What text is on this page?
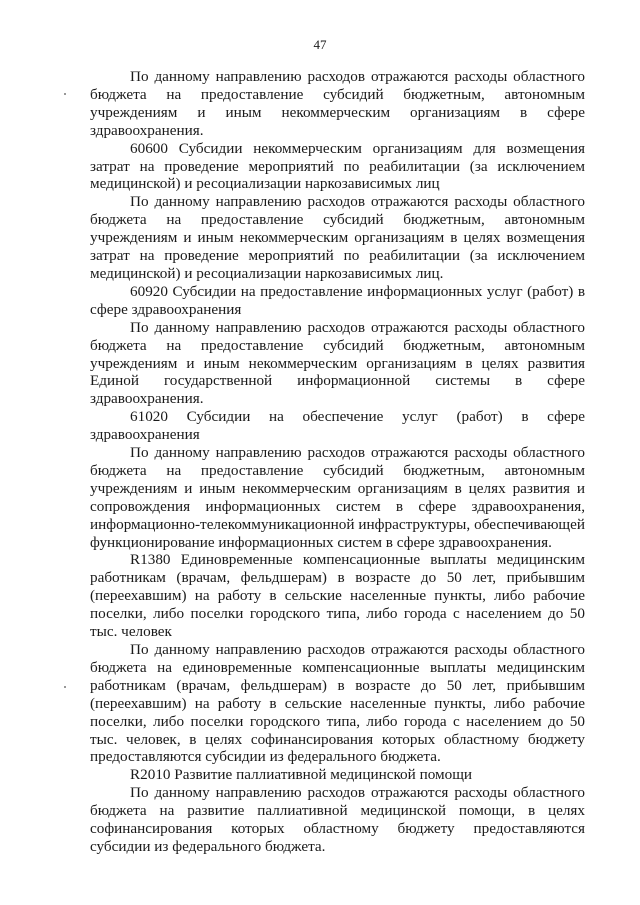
47

По данному направлению расходов отражаются расходы областного бюджета на предоставление субсидий бюджетным, автономным учреждениям и иным некоммерческим организациям в сфере здравоохранения.

60600 Субсидии некоммерческим организациям для возмещения затрат на проведение мероприятий по реабилитации (за исключением медицинской) и ресоциализации наркозависимых лиц

По данному направлению расходов отражаются расходы областного бюджета на предоставление субсидий бюджетным, автономным учреждениям и иным некоммерческим организациям в целях возмещения затрат на проведение мероприятий по реабилитации (за исключением медицинской) и ресоциализации наркозависимых лиц.

60920 Субсидии на предоставление информационных услуг (работ) в сфере здравоохранения

По данному направлению расходов отражаются расходы областного бюджета на предоставление субсидий бюджетным, автономным учреждениям и иным некоммерческим организациям в целях развития Единой государственной информационной системы в сфере здравоохранения.

61020 Субсидии на обеспечение услуг (работ) в сфере здравоохранения

По данному направлению расходов отражаются расходы областного бюджета на предоставление субсидий бюджетным, автономным учреждениям и иным некоммерческим организациям в целях развития и сопровождения информационных систем в сфере здравоохранения, информационно-телекоммуникационной инфраструктуры, обеспечивающей функционирование информационных систем в сфере здравоохранения.

R1380 Единовременные компенсационные выплаты медицинским работникам (врачам, фельдшерам) в возрасте до 50 лет, прибывшим (переехавшим) на работу в сельские населенные пункты, либо рабочие поселки, либо поселки городского типа, либо города с населением до 50 тыс. человек

По данному направлению расходов отражаются расходы областного бюджета на единовременные компенсационные выплаты медицинским работникам (врачам, фельдшерам) в возрасте до 50 лет, прибывшим (переехавшим) на работу в сельские населенные пункты, либо рабочие поселки, либо поселки городского типа, либо города с населением до 50 тыс. человек, в целях софинансирования которых областному бюджету предоставляются субсидии из федерального бюджета.

R2010 Развитие паллиативной медицинской помощи

По данному направлению расходов отражаются расходы областного бюджета на развитие паллиативной медицинской помощи, в целях софинансирования которых областному бюджету предоставляются субсидии из федерального бюджета.
